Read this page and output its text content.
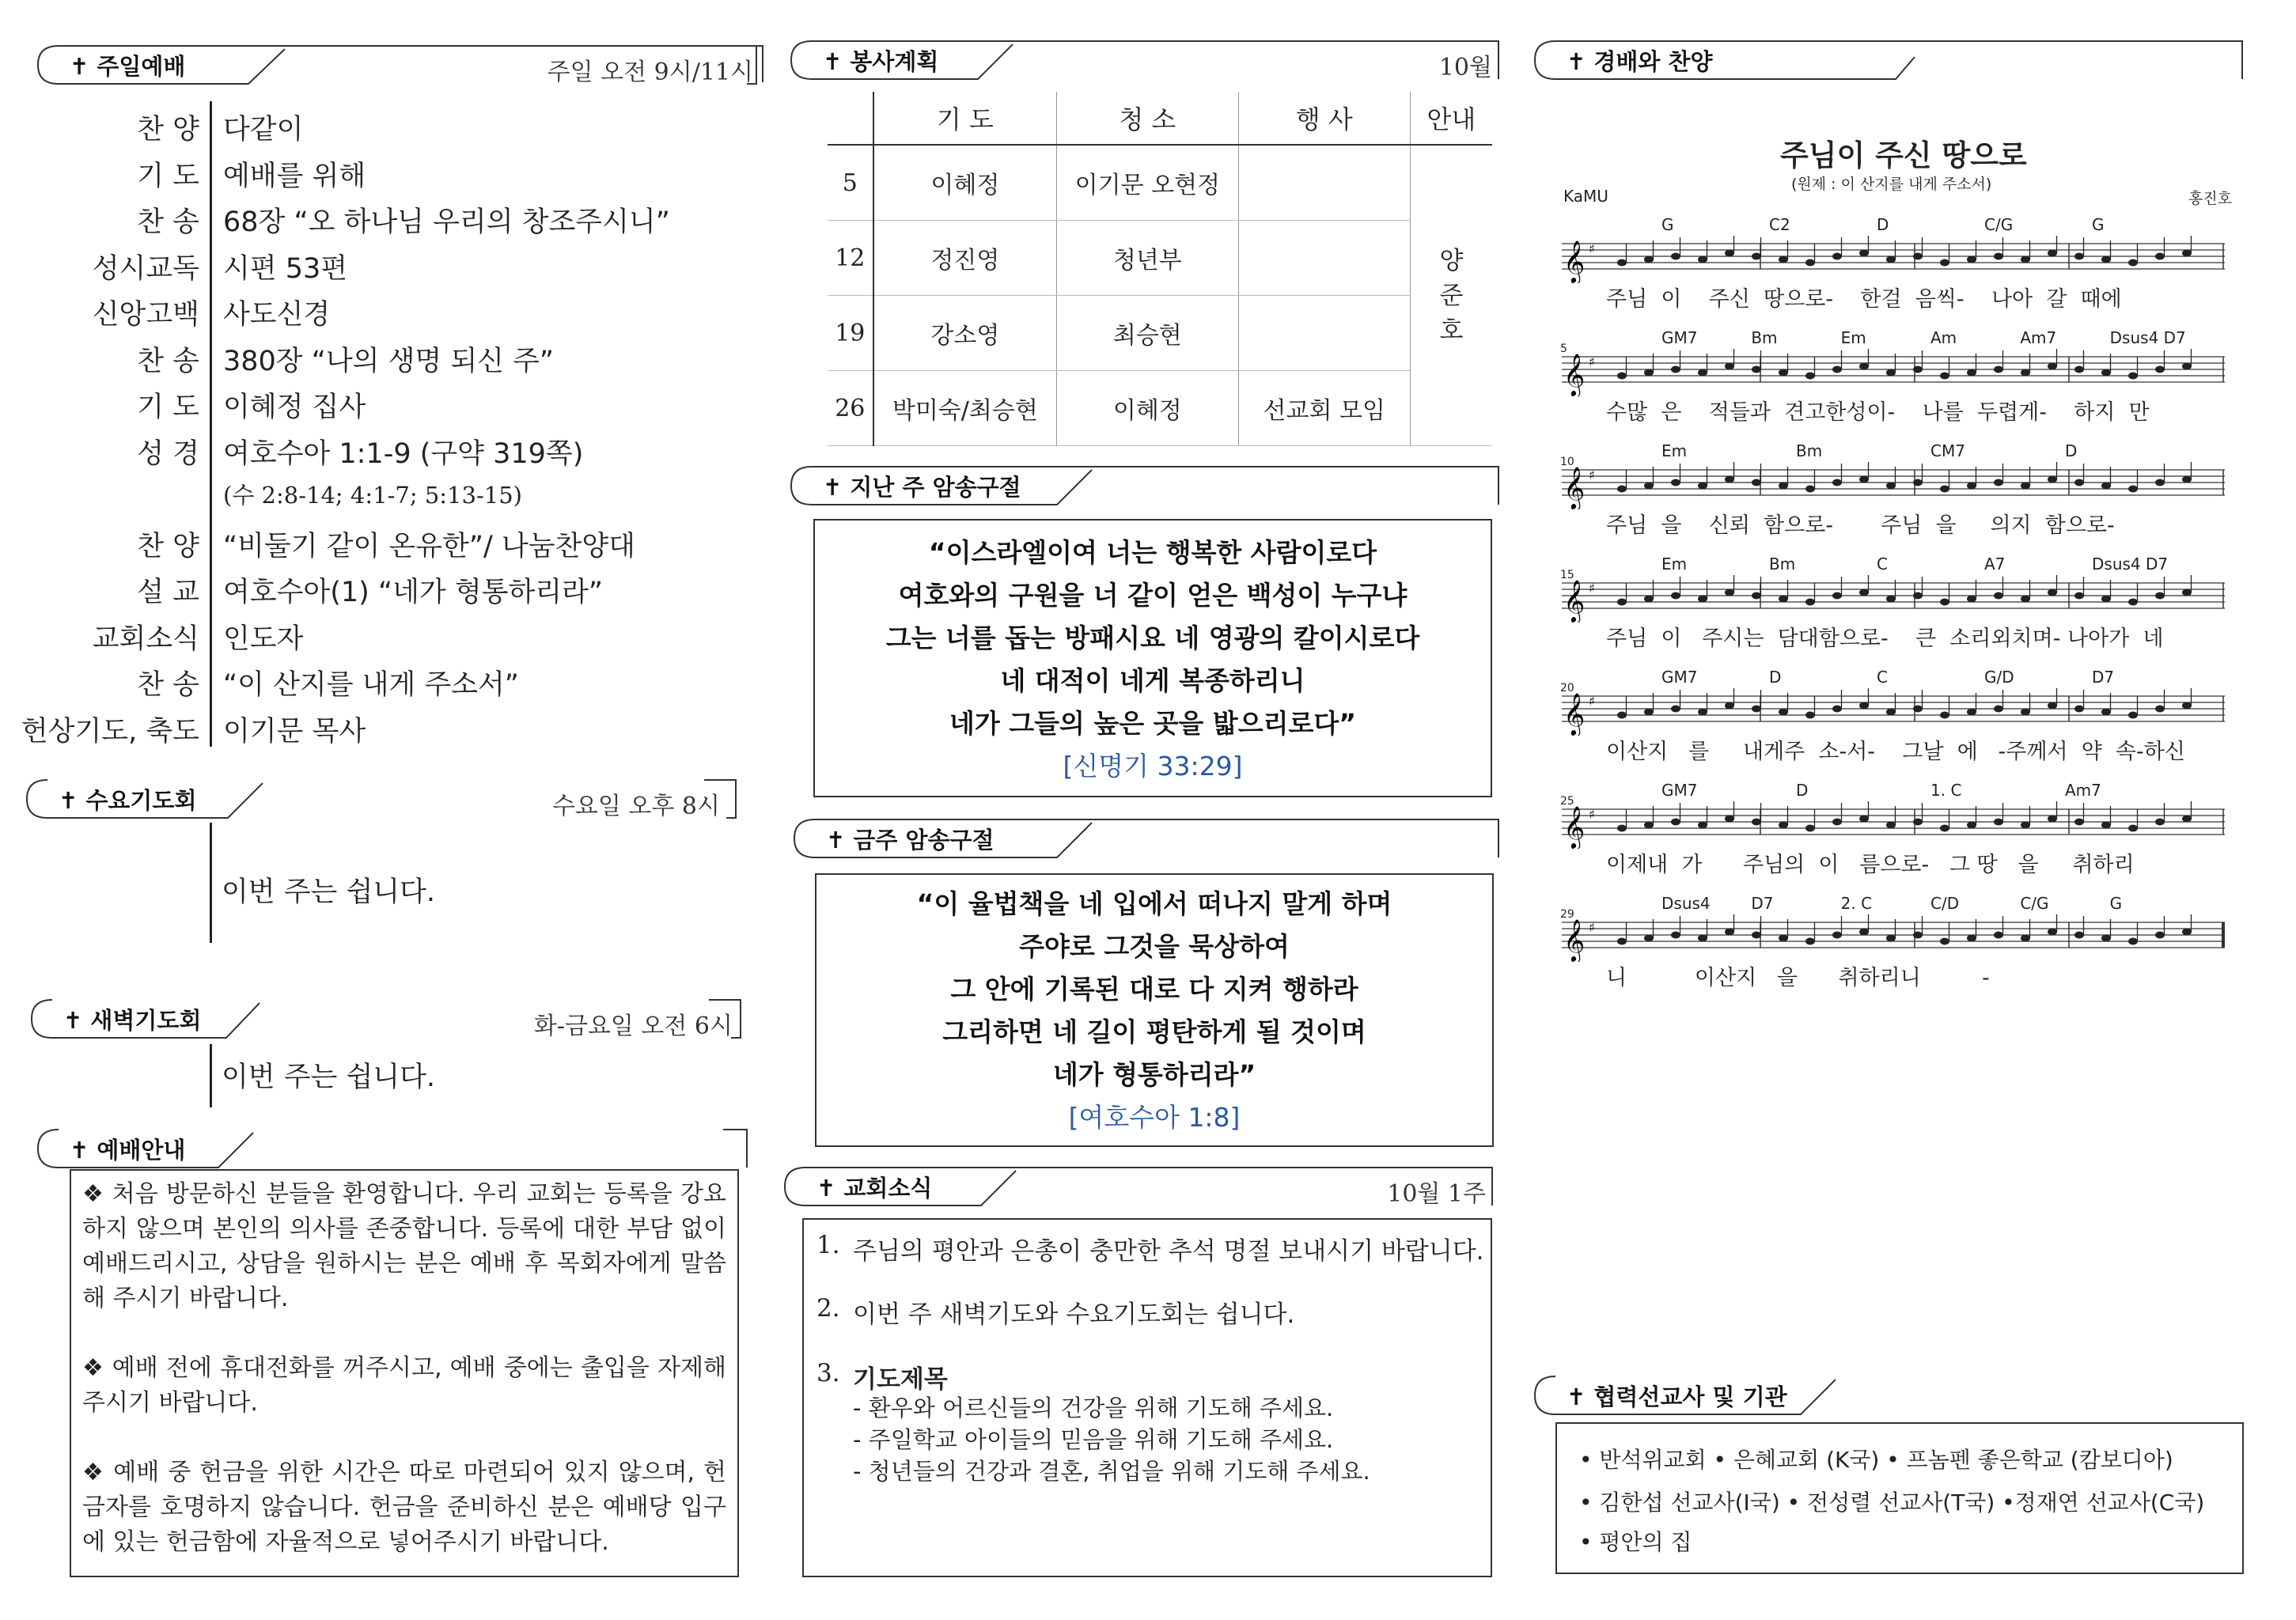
✝ 주일예배	주일 오전 9시/11시
찬 양 다같이
기 도 예배를 위해
찬 송 68장 “오 하나님 우리의 창조주시니”
성시교독 시편 53편
신앙고백 사도신경
찬 송 380장 “나의 생명 되신 주”
기 도 이혜정 집사
성 경 여호수아 1:1-9 (구약 319쪽)
(수 2:8-14; 4:1-7; 5:13-15)
찬 양 “비둘기 같이 온유한”/ 나눔찬양대
설 교 여호수아(1) “네가 형통하리라”
교회소식 인도자
찬 송 “이 산지를 내게 주소서”
헌상기도, 축도 이기문 목사
✝ 수요기도회	수요일 오후 8시
이번 주는 쉽니다.
✝ 새벽기도회	화-금요일 오전 6시
이번 주는 쉽니다.
✝ 예배안내

❖ 처음 방문하신 분들을 환영합니다. 우리 교회는 등록을 강요하지 않으며 본인의 의사를 존중합니다. 등록에 대한 부담 없이 예배드리시고, 상담을 원하시는 분은 예배 후 목회자에게 말씀해 주시기 바랍니다.

❖ 예배 전에 휴대전화를 꺼주시고, 예배 중에는 출입을 자제해 주시기 바랍니다.

❖ 예배 중 헌금을 위한 시간은 따로 마련되어 있지 않으며, 헌금자를 호명하지 않습니다. 헌금을 준비하신 분은 예배당 입구에 있는 헌금함에 자율적으로 넣어주시기 바랍니다.

✝ 봉사계획	10월
	기 도	청 소	행 사	안내
5	이혜정	이기문 오현정		양
준
호

12	정진영	청년부		
19	강소영	최승현		
26	박미숙/최승현	이혜정	선교회 모임	
✝ 지난 주 암송구절
“이스라엘이여 너는 행복한 사람이로다
여호와의 구원을 너 같이 얻은 백성이 누구냐
그는 너를 돕는 방패시요 네 영광의 칼이시로다
네 대적이 네게 복종하리니
네가 그들의 높은 곳을 밟으리로다”
[신명기 33:29]
✝ 금주 암송구절
“이 율법책을 네 입에서 떠나지 말게 하며
주야로 그것을 묵상하여
그 안에 기록된 대로 다 지켜 행하라
그리하면 네 길이 평탄하게 될 것이며
네가 형통하리라”
[여호수아 1:8]
✝ 교회소식	10월 1주
1. 주님의 평안과 은총이 충만한 추석 명절 보내시기 바랍니다.
2. 이번 주 새벽기도와 수요기도회는 쉽니다.
3. 기도제목
- 환우와 어르신들의 건강을 위해 기도해 주세요.
- 주일학교 아이들의 믿음을 위해 기도해 주세요.
- 청년들의 건강과 결혼, 취업을 위해 기도해 주세요.
✝ 경배와 찬양
주님이 주신 땅으로
(원제 : 이 산지를 내게 주소서)
KaMU	홍진호
G	C2	D	C/G	G
𝄞 ♯
주님  이    주신  땅으로-    한걸  음씩-    나아  갈  때에
GM7	Bm	Em	Am	Am7	Dsus4 D7
5
𝄞 ♯
수많  은    적들과  견고한성이-    나를  두렵게-    하지  만
Em	Bm	CM7	D
10
𝄞 ♯
주님  을    신뢰  함으로-       주님  을     의지  함으로-
Em	Bm	C	A7	Dsus4 D7
15
𝄞 ♯
주님  이   주시는  담대함으로-    큰  소리외치며- 나아가  네
GM7	D	C	G/D	D7
20
𝄞 ♯
이산지   를     내게주  소-서-    그날  에   -주께서  약  속-하신
GM7	D	1. C	Am7
25
𝄞 ♯
이제내  가      주님의  이   름으로-   그 땅   을     취하리
Dsus4	D7	2. C	C/D	C/G	G
29
𝄞 ♯
니          이산지   을      취하리니         -
✝ 협력선교사 및 기관
• 반석위교회 • 은혜교회 (K국) • 프놈펜 좋은학교 (캄보디아)
• 김한섭 선교사(I국) • 전성렬 선교사(T국) •정재연 선교사(C국)
• 평안의 집
